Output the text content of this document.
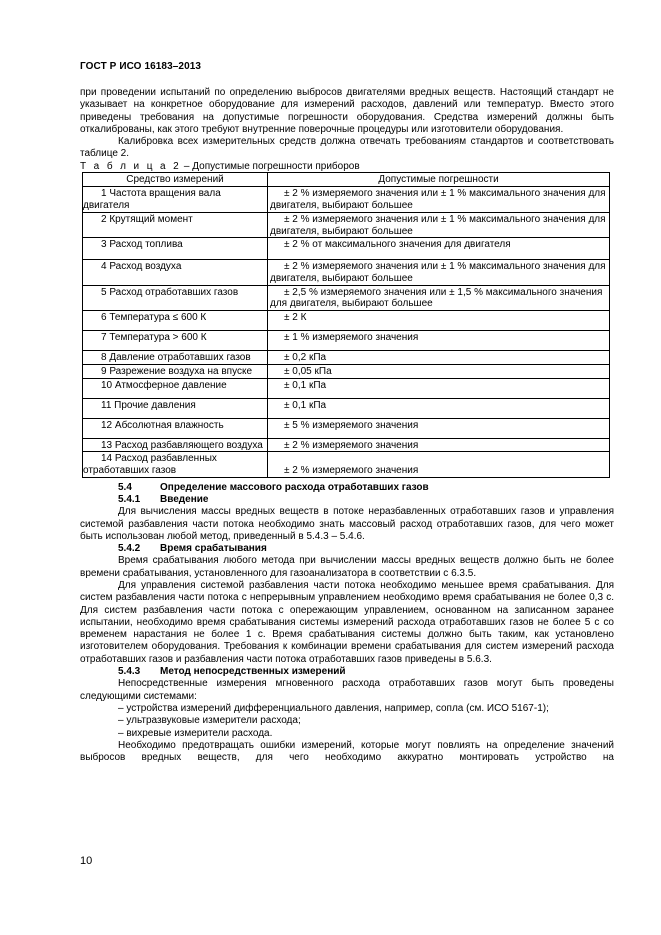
ГОСТ Р ИСО 16183–2013

при проведении испытаний по определению выбросов двигателями вредных веществ. Настоящий стандарт не указывает на конкретное оборудование для измерений расходов, давлений или температур. Вместо этого приведены требования на допустимые погрешности оборудования. Средства измерений должны быть откалиброваны, как этого требуют внутренние поверочные процедуры или изготовители оборудования.

Калибровка всех измерительных средств должна отвечать требованиям стандартов и соответствовать таблице 2.

Т а б л и ц а 2 – Допустимые погрешности приборов
Средство измерений	Допустимые погрешности

1 Частота вращения вала двигателя	± 2 % измеряемого значения или ± 1 % максимального значения для двигателя, выбирают большее

2 Крутящий момент	± 2 % измеряемого значения или ± 1 % максимального значения для двигателя, выбирают большее

3 Расход топлива	± 2 % от максимального значения для двигателя

4 Расход воздуха	± 2 % измеряемого значения или ± 1 % максимального значения для двигателя, выбирают большее

5 Расход отработавших газов	± 2,5 % измеряемого значения или ± 1,5 % максимального значения для двигателя, выбирают большее

6 Температура ≤ 600 К	± 2 К

7 Температура > 600 К	± 1 % измеряемого значения

8 Давление отработавших газов	± 0,2 кПа

9 Разрежение воздуха на впуске	± 0,05 кПа

10 Атмосферное давление	± 0,1 кПа

11 Прочие давления	± 0,1 кПа

12 Абсолютная влажность	± 5 % измеряемого значения

13 Расход разбавляющего воздуха	± 2 % измеряемого значения

14 Расход разбавленных отработавших газов	± 2 % измеряемого значения

5.4	Определение массового расхода отработавших газов

5.4.1 Введение

Для вычисления массы вредных веществ в потоке неразбавленных отработавших газов и управления системой разбавления части потока необходимо знать массовый расход отработавших газов, для чего может быть использован любой метод, приведенный в 5.4.3 – 5.4.6.

5.4.2 Время срабатывания

Время срабатывания любого метода при вычислении массы вредных веществ должно быть не более времени срабатывания, установленного для газоанализатора в соответствии с 6.3.5.

Для управления системой разбавления части потока необходимо меньшее время срабатывания. Для систем разбавления части потока с непрерывным управлением необходимо время срабатывания не более 0,3 с. Для систем разбавления части потока с опережающим управлением, основанном на записанном заранее испытании, необходимо время срабатывания системы измерений расхода отработавших газов не более 5 с со временем нарастания не более 1 с. Время срабатывания системы должно быть таким, как установлено изготовителем оборудования. Требования к комбинации времени срабатывания для систем измерений расхода отработавших газов и разбавления части потока отработавших газов приведены в 5.6.3.

5.4.3 Метод непосредственных измерений

Непосредственные измерения мгновенного расхода отработавших газов могут быть проведены следующими системами:

– устройства измерений дифференциального давления, например, сопла (см. ИСО 5167-1);

– ультразвуковые измерители расхода;

– вихревые измерители расхода.

Необходимо предотвращать ошибки измерений, которые могут повлиять на определение значений выбросов вредных веществ, для чего необходимо аккуратно монтировать устройство на

10
